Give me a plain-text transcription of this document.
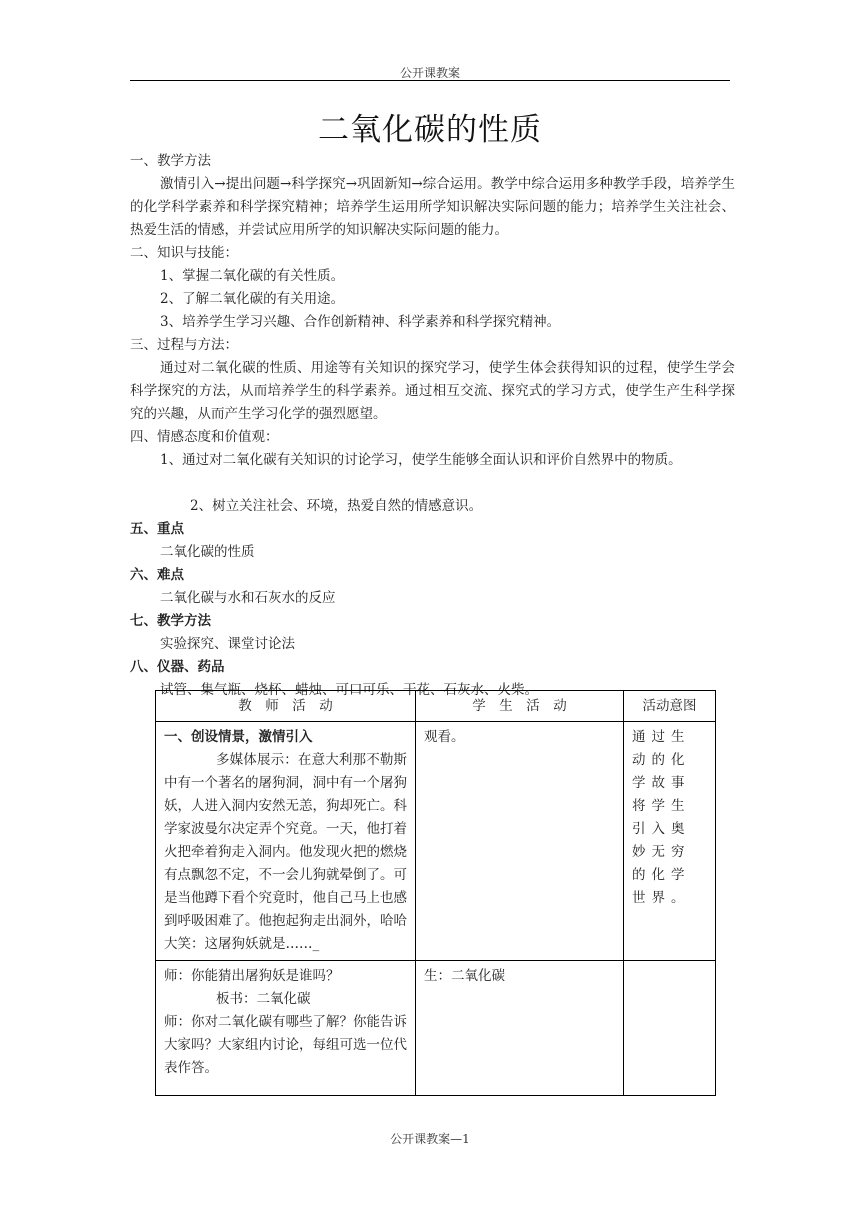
公开课教案
二氧化碳的性质

一、教学方法

激情引入→提出问题→科学探究→巩固新知→综合运用。教学中综合运用多种教学手段，培养学生的化学科学素养和科学探究精神；培养学生运用所学知识解决实际问题的能力；培养学生关注社会、热爱生活的情感，并尝试应用所学的知识解决实际问题的能力。

二、知识与技能：

1、掌握二氧化碳的有关性质。

2、了解二氧化碳的有关用途。

3、培养学生学习兴趣、合作创新精神、科学素养和科学探究精神。

三、过程与方法：

通过对二氧化碳的性质、用途等有关知识的探究学习，使学生体会获得知识的过程，使学生学会科学探究的方法，从而培养学生的科学素养。通过相互交流、探究式的学习方式，使学生产生科学探究的兴趣，从而产生学习化学的强烈愿望。

四、情感态度和价值观：

1、通过对二氧化碳有关知识的讨论学习，使学生能够全面认识和评价自然界中的物质。

2、树立关注社会、环境，热爱自然的情感意识。

五、重点

二氧化碳的性质

六、难点

二氧化碳与水和石灰水的反应

七、教学方法

实验探究、课堂讨论法

八、仪器、药品

试管、集气瓶、烧杯、蜡烛、可口可乐、干花、石灰水、火柴。

教　师　活　动	学　生　活　动	活动意图

一、创设情景，激情引入
多媒体展示：在意大利那不勒斯中有一个著名的屠狗洞，洞中有一个屠狗妖，人进入洞内安然无恙，狗却死亡。科学家波曼尔决定弄个究竟。一天，他打着火把牵着狗走入洞内。他发现火把的燃烧有点飘忽不定，不一会儿狗就晕倒了。可是当他蹲下看个究竟时，他自己马上也感到呼吸困难了。他抱起狗走出洞外，哈哈大笑：这屠狗妖就是……_	观看。	通过生动的化学故事将学生引入奥妙无穷的化学世界。

师：你能猜出屠狗妖是谁吗？
板书：二氧化碳
师：你对二氧化碳有哪些了解？你能告诉大家吗？大家组内讨论，每组可选一位代表作答。	生：二氧化碳	
公开课教案—1
